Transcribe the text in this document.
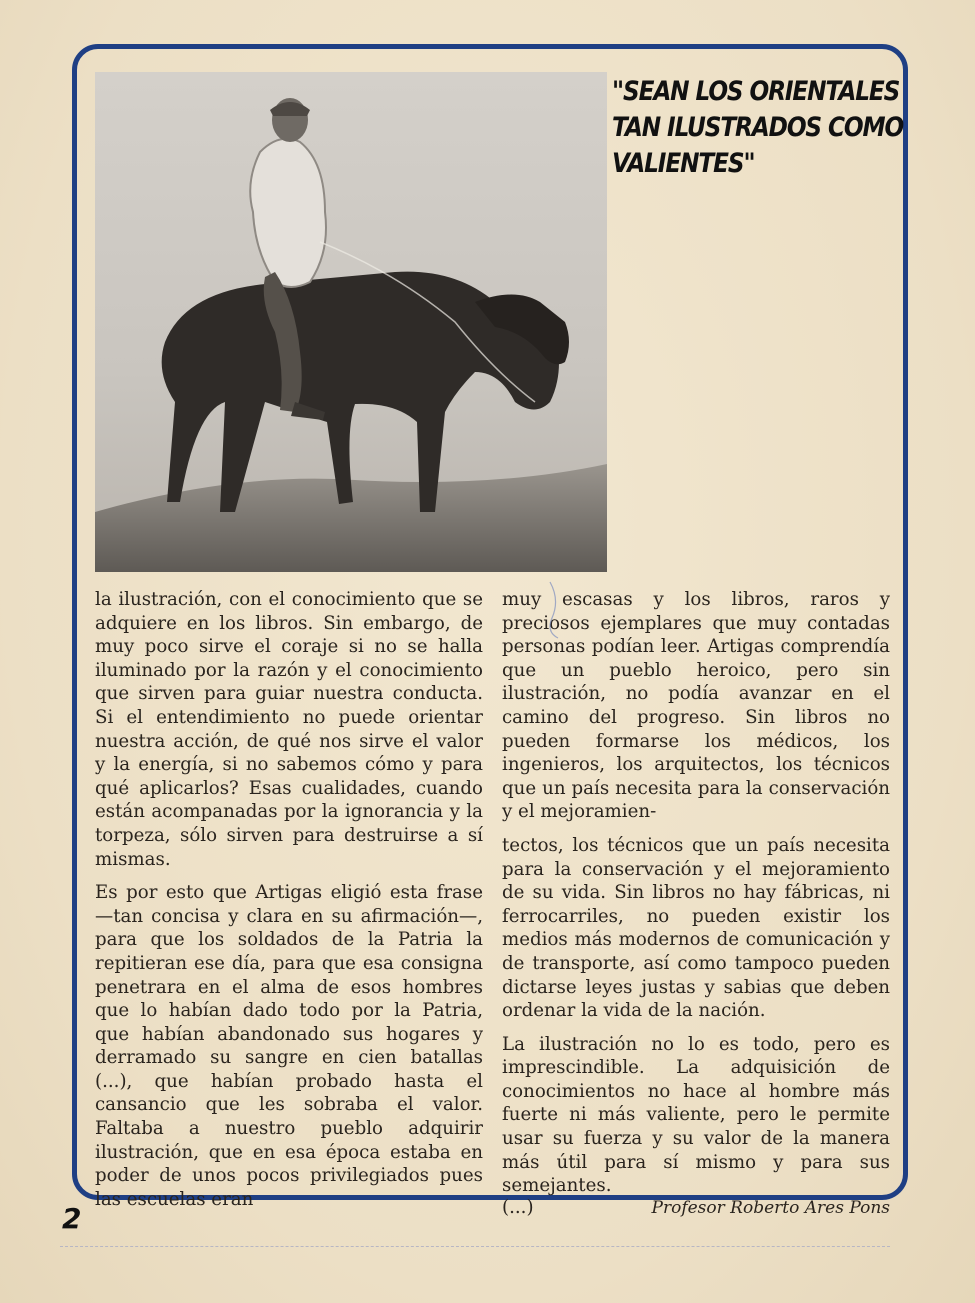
"SEAN LOS ORIENTALES
TAN ILUSTRADOS COMO
VALIENTES"

la ilustración, con el conocimiento que se adquiere en los libros. Sin embargo, de muy poco sirve el coraje si no se halla iluminado por la razón y el conocimiento que sirven para guiar nuestra conducta. Si el entendimiento no puede orientar nuestra acción, de qué nos sirve el valor y la energía, si no sabemos cómo y para qué aplicarlos? Esas cualidades, cuando están acompanadas por la ignorancia y la torpeza, sólo sirven para destruirse a sí mismas.

Es por esto que Artigas eligió esta frase —tan concisa y clara en su afirmación—, para que los soldados de la Patria la repitieran ese día, para que esa consigna penetrara en el alma de esos hombres que lo habían dado todo por la Patria, que habían abandonado sus hogares y derramado su sangre en cien batallas (...), que habían probado hasta el cansancio que les sobraba el valor. Faltaba a nuestro pueblo adquirir ilustración, que en esa época estaba en poder de unos pocos privilegiados pues las escuelas eran

muy escasas y los libros, raros y preciosos ejemplares que muy contadas personas podían leer. Artigas comprendía que un pueblo heroico, pero sin ilustración, no podía avanzar en el camino del progreso. Sin libros no pueden formarse los médicos, los ingenieros, los arquitectos, los técnicos que un país necesita para la conservación y el mejoramien-

tectos, los técnicos que un país necesita para la conservación y el mejoramiento de su vida. Sin libros no hay fábricas, ni ferrocarriles, no pueden existir los medios más modernos de comunicación y de transporte, así como tampoco pueden dictarse leyes justas y sabias que deben ordenar la vida de la nación.

La ilustración no lo es todo, pero es imprescindible. La adquisición de conocimientos no hace al hombre más fuerte ni más valiente, pero le permite usar su fuerza y su valor de la manera más útil para sí mismo y para sus semejantes.

(...)	Profesor Roberto Ares Pons
2
